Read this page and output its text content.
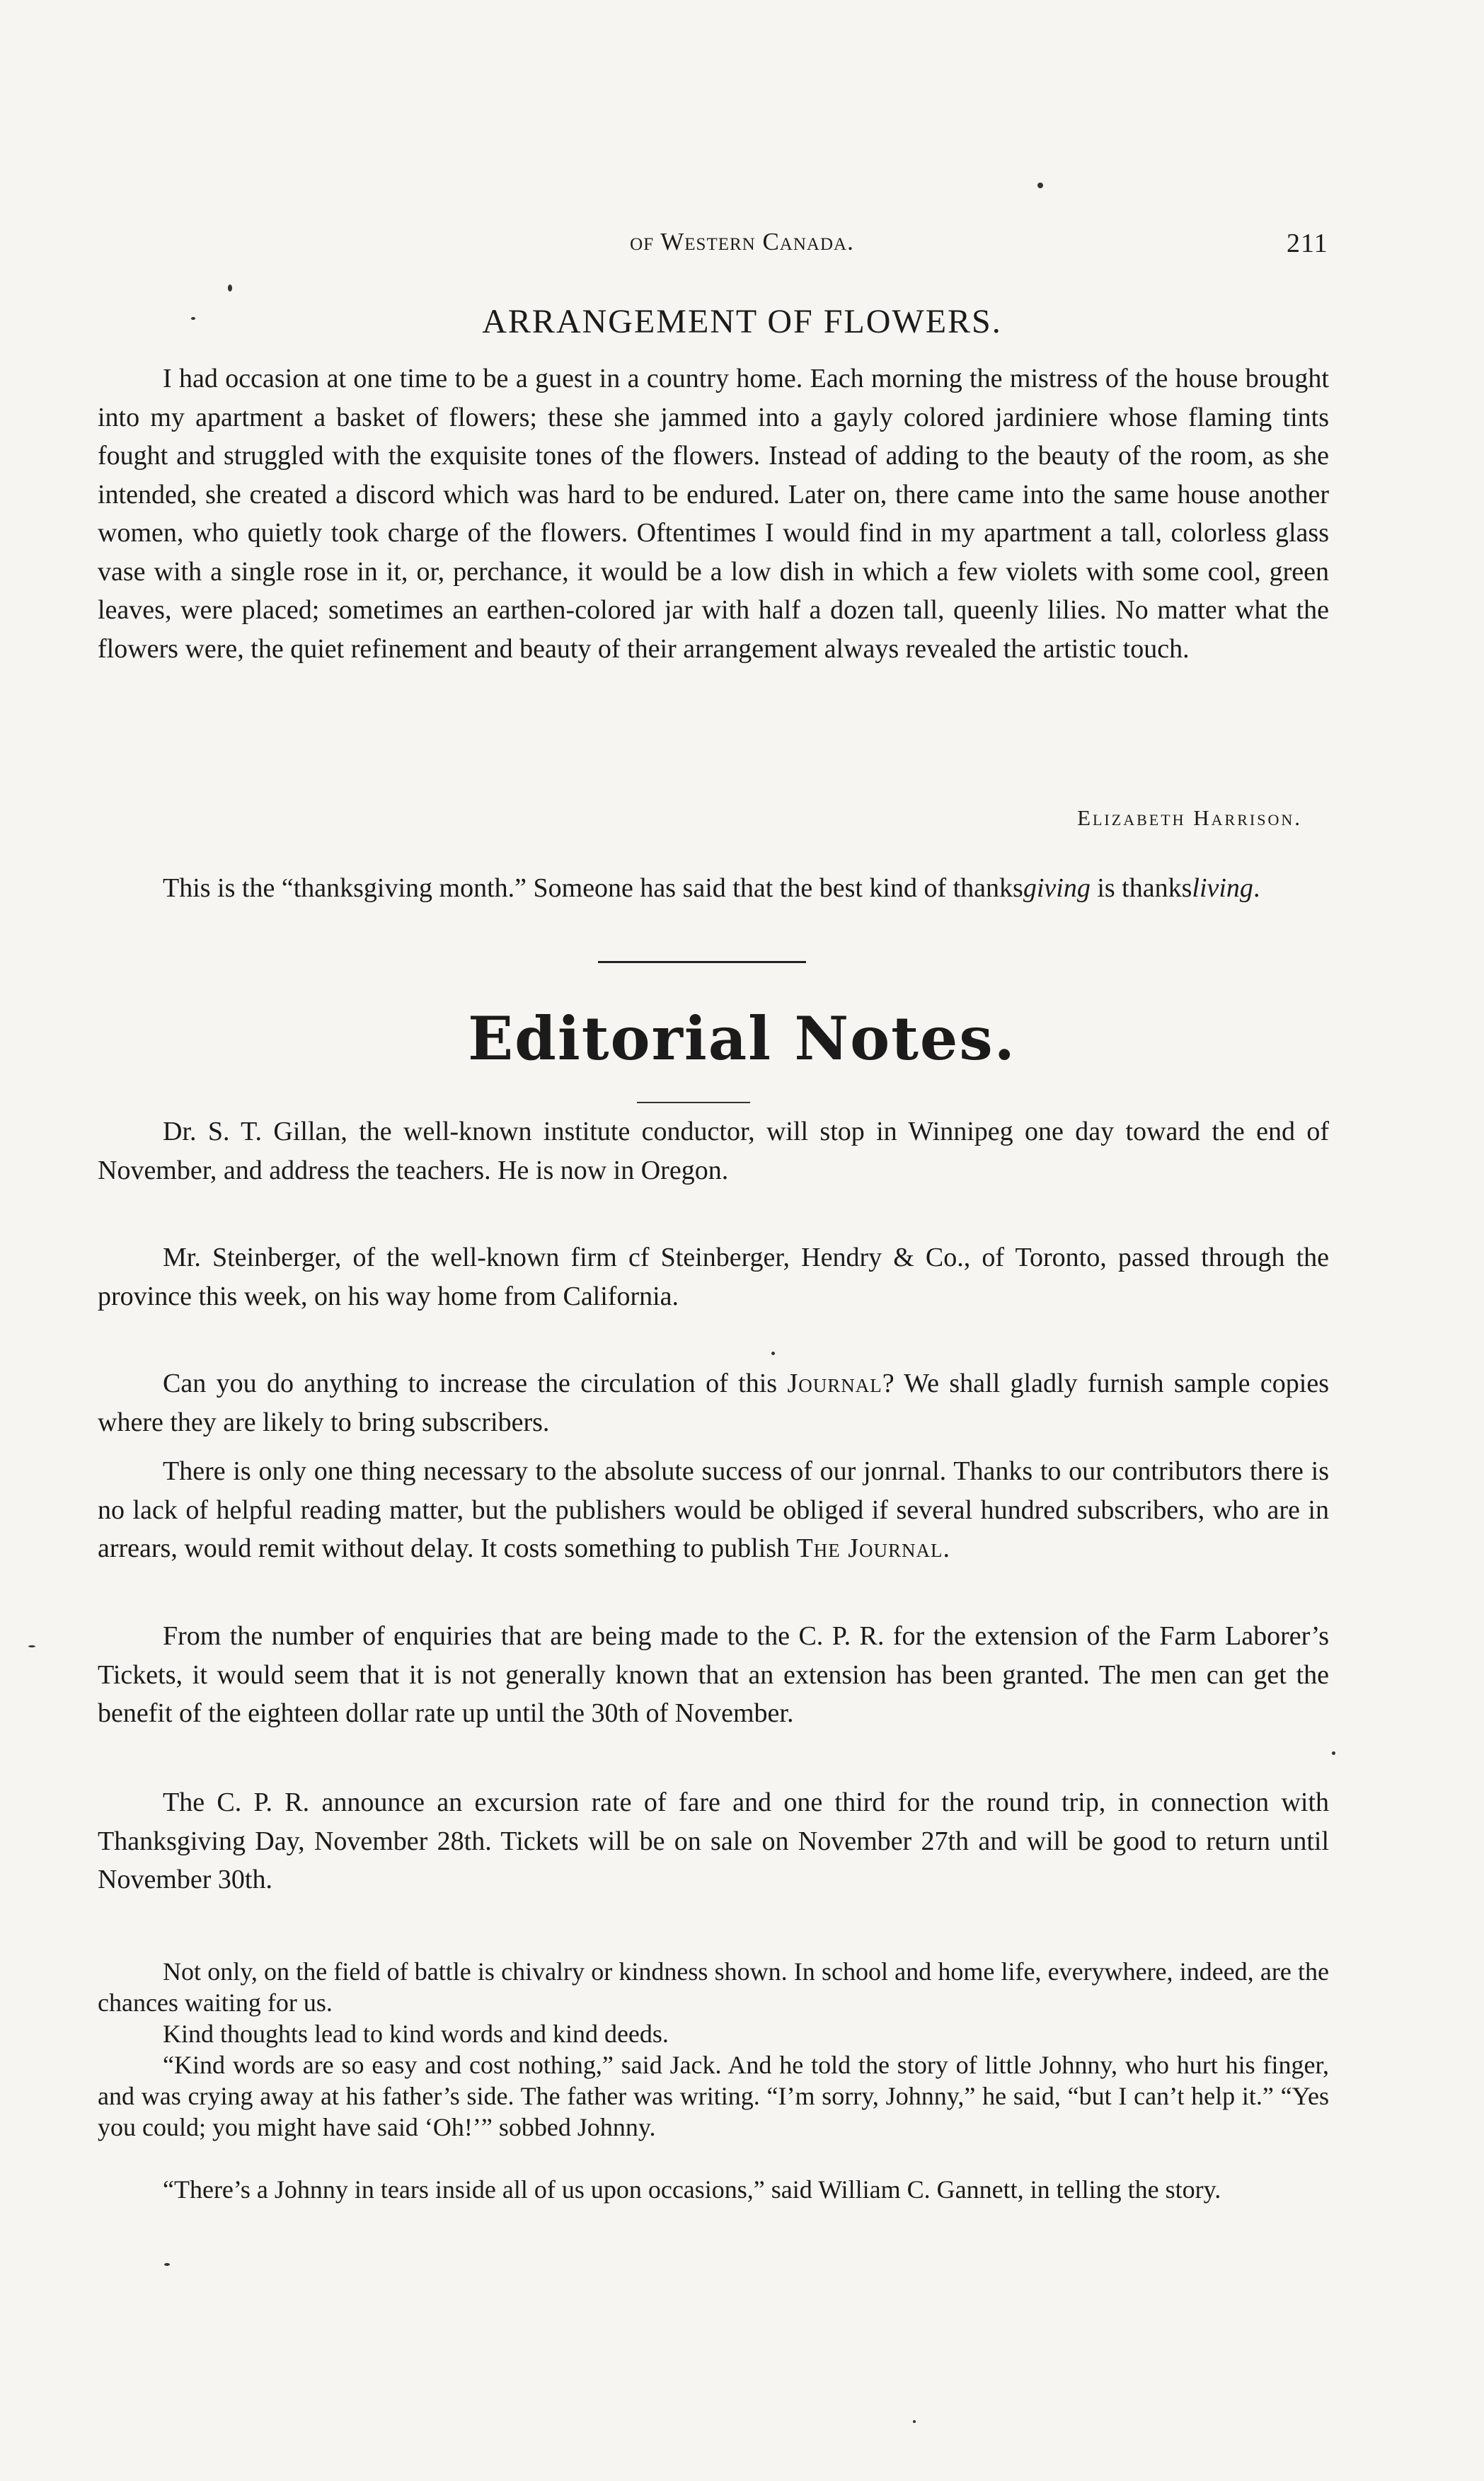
of Western Canada.	211
ARRANGEMENT OF FLOWERS.

I had occasion at one time to be a guest in a country home. Each morning the mistress of the house brought into my apartment a basket of flowers; these she jammed into a gayly colored jardiniere whose flaming tints fought and struggled with the exquisite tones of the flowers. Instead of adding to the beauty of the room, as she intended, she created a discord which was hard to be endured. Later on, there came into the same house another women, who quietly took charge of the flowers. Oftentimes I would find in my apartment a tall, colorless glass vase with a single rose in it, or, perchance, it would be a low dish in which a few violets with some cool, green leaves, were placed; sometimes an earthen-colored jar with half a dozen tall, queenly lilies. No matter what the flowers were, the quiet refinement and beauty of their arrangement always revealed the artistic touch.

Elizabeth Harrison.

This is the “thanksgiving month.” Someone has said that the best kind of thanksgiving is thanksliving.

Editorial Notes.

Dr. S. T. Gillan, the well-known institute conductor, will stop in Winnipeg one day toward the end of November, and address the teachers. He is now in Oregon.

Mr. Steinberger, of the well-known firm cf Steinberger, Hendry & Co., of Toronto, passed through the province this week, on his way home from California.

Can you do anything to increase the circulation of this Journal? We shall gladly furnish sample copies where they are likely to bring subscribers.

There is only one thing necessary to the absolute success of our jonrnal. Thanks to our contributors there is no lack of helpful reading matter, but the publishers would be obliged if several hundred subscribers, who are in arrears, would remit without delay. It costs something to publish The Journal.

From the number of enquiries that are being made to the C. P. R. for the extension of the Farm Laborer’s Tickets, it would seem that it is not generally known that an extension has been granted. The men can get the benefit of the eighteen dollar rate up until the 30th of November.

The C. P. R. announce an excursion rate of fare and one third for the round trip, in connection with Thanksgiving Day, November 28th. Tickets will be on sale on November 27th and will be good to return until November 30th.

Not only, on the field of battle is chivalry or kindness shown. In school and home life, everywhere, indeed, are the chances waiting for us.

Kind thoughts lead to kind words and kind deeds.

“Kind words are so easy and cost nothing,” said Jack. And he told the story of little Johnny, who hurt his finger, and was crying away at his father’s side. The father was writing. “I’m sorry, Johnny,” he said, “but I can’t help it.” “Yes you could; you might have said ‘Oh!’” sobbed Johnny.

“There’s a Johnny in tears inside all of us upon occasions,” said William C. Gannett, in telling the story.
